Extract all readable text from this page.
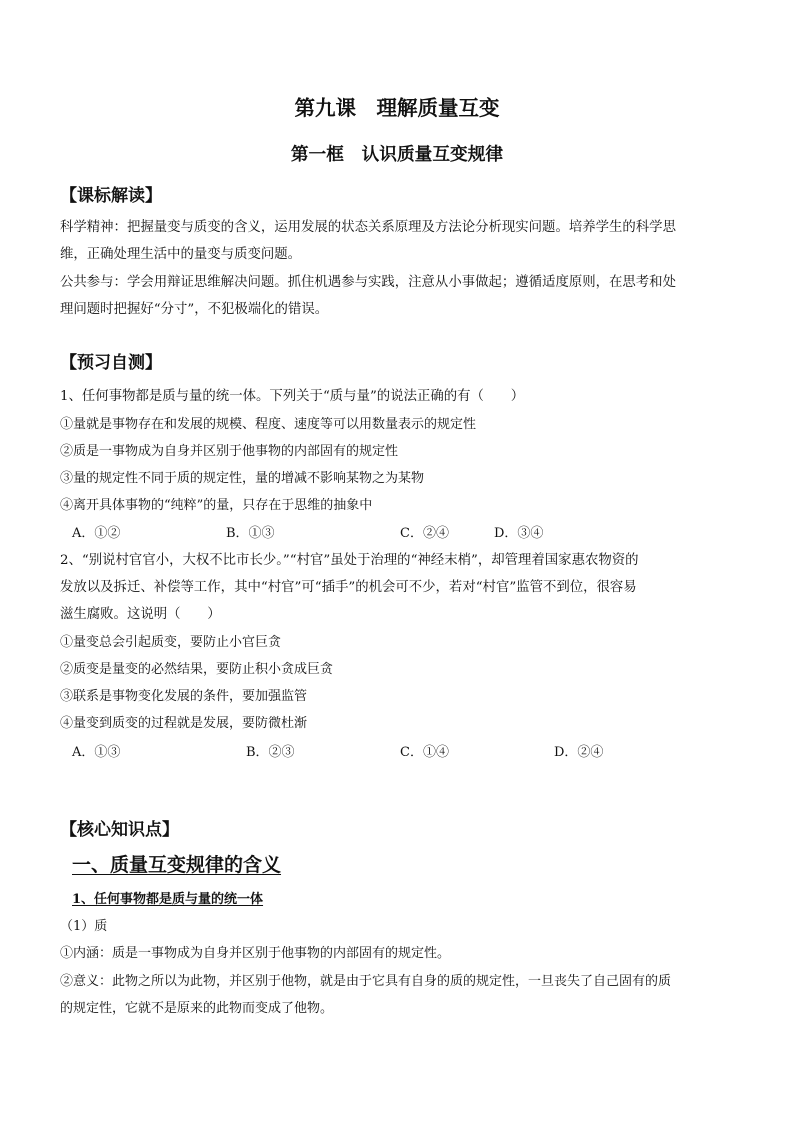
第九课　理解质量互变
第一框　认识质量互变规律
【课标解读】
科学精神：把握量变与质变的含义，运用发展的状态关系原理及方法论分析现实问题。培养学生的科学思
维，正确处理生活中的量变与质变问题。
公共参与：学会用辩证思维解决问题。抓住机遇参与实践，注意从小事做起；遵循适度原则，在思考和处
理问题时把握好“分寸”，不犯极端化的错误。
【预习自测】
1、任何事物都是质与量的统一体。下列关于“质与量”的说法正确的有（　　）
①量就是事物存在和发展的规模、程度、速度等可以用数量表示的规定性
②质是一事物成为自身并区别于他事物的内部固有的规定性
③量的规定性不同于质的规定性，量的增减不影响某物之为某物
④离开具体事物的“纯粹”的量，只存在于思维的抽象中
A．①②	B．①③	C．②④	D．③④
2、“别说村官官小，大权不比市长少。”“村官”虽处于治理的“神经末梢”，却管理着国家惠农物资的
发放以及拆迁、补偿等工作，其中“村官”可“插手”的机会可不少，若对“村官”监管不到位，很容易
滋生腐败。这说明（　　）
①量变总会引起质变，要防止小官巨贪
②质变是量变的必然结果，要防止积小贪成巨贪
③联系是事物变化发展的条件，要加强监管
④量变到质变的过程就是发展，要防微杜渐
A．①③	B．②③	C．①④	D．②④
【核心知识点】
一、质量互变规律的含义
1、任何事物都是质与量的统一体
（1）质
①内涵：质是一事物成为自身并区别于他事物的内部固有的规定性。
②意义：此物之所以为此物，并区别于他物，就是由于它具有自身的质的规定性，一旦丧失了自己固有的质
的规定性，它就不是原来的此物而变成了他物。
